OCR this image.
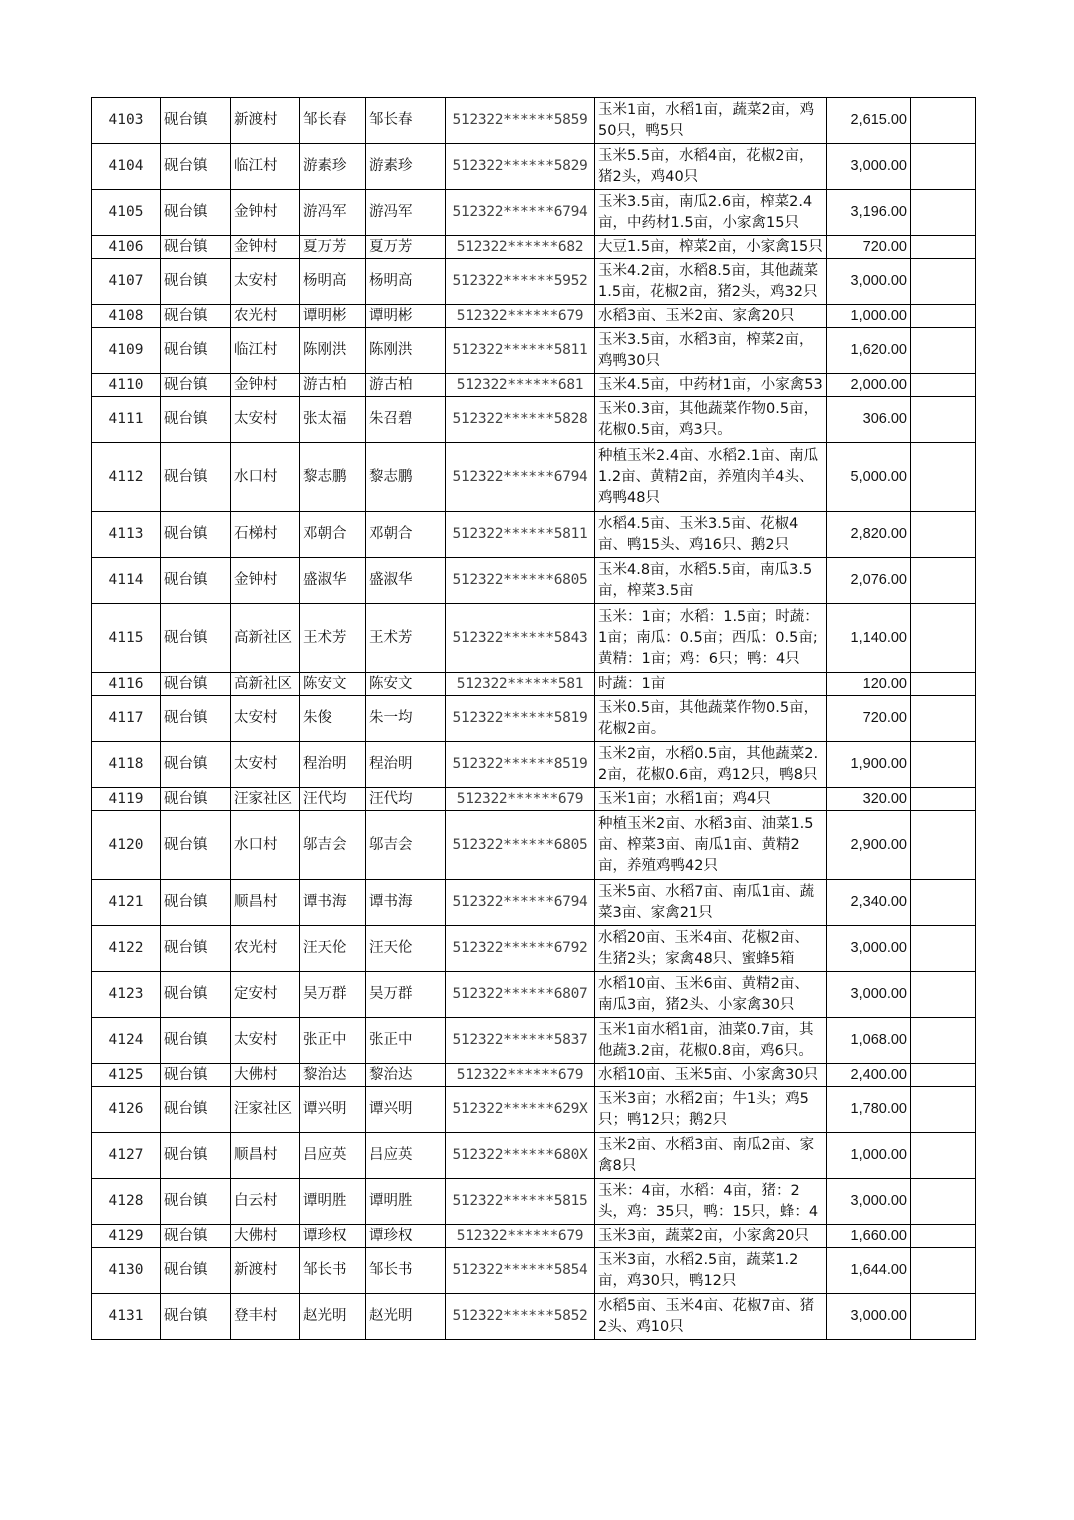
4103	砚台镇	新渡村	邹长春	邹长春	512322******5859	玉米1亩，水稻1亩，蔬菜2亩，鸡50只，鸭5只	2,615.00	
4104	砚台镇	临江村	游素珍	游素珍	512322******5829	玉米5.5亩，水稻4亩，花椒2亩，猪2头，鸡40只	3,000.00	
4105	砚台镇	金钟村	游冯军	游冯军	512322******6794	玉米3.5亩，南瓜2.6亩，榨菜2.4亩，中药材1.5亩，小家禽15只	3,196.00	
4106	砚台镇	金钟村	夏万芳	夏万芳	512322******682	大豆1.5亩，榨菜2亩，小家禽15只	720.00	
4107	砚台镇	太安村	杨明高	杨明高	512322******5952	玉米4.2亩，水稻8.5亩，其他蔬菜1.5亩，花椒2亩，猪2头，鸡32只	3,000.00	
4108	砚台镇	农光村	谭明彬	谭明彬	512322******679	水稻3亩、玉米2亩、家禽20只	1,000.00	
4109	砚台镇	临江村	陈刚洪	陈刚洪	512322******5811	玉米3.5亩，水稻3亩，榨菜2亩，鸡鸭30只	1,620.00	
4110	砚台镇	金钟村	游古柏	游古柏	512322******681	玉米4.5亩，中药材1亩，小家禽53	2,000.00	
4111	砚台镇	太安村	张太福	朱召碧	512322******5828	玉米0.3亩，其他蔬菜作物0.5亩，花椒0.5亩，鸡3只。	306.00	
4112	砚台镇	水口村	黎志鹏	黎志鹏	512322******6794	种植玉米2.4亩、水稻2.1亩、南瓜1.2亩、黄精2亩，养殖肉羊4头、鸡鸭48只	5,000.00	
4113	砚台镇	石梯村	邓朝合	邓朝合	512322******5811	水稻4.5亩、玉米3.5亩、花椒4亩、鸭15头、鸡16只、鹅2只	2,820.00	
4114	砚台镇	金钟村	盛淑华	盛淑华	512322******6805	玉米4.8亩，水稻5.5亩，南瓜3.5亩，榨菜3.5亩	2,076.00	
4115	砚台镇	高新社区	王术芳	王术芳	512322******5843	玉米：1亩；水稻：1.5亩；时蔬：1亩；南瓜：0.5亩；西瓜：0.5亩;黄精：1亩；鸡：6只；鸭：4只	1,140.00	
4116	砚台镇	高新社区	陈安文	陈安文	512322******581	时蔬：1亩	120.00	
4117	砚台镇	太安村	朱俊	朱一均	512322******5819	玉米0.5亩，其他蔬菜作物0.5亩，花椒2亩。	720.00	
4118	砚台镇	太安村	程治明	程治明	512322******8519	玉米2亩，水稻0.5亩，其他蔬菜2.2亩，花椒0.6亩，鸡12只，鸭8只	1,900.00	
4119	砚台镇	汪家社区	汪代均	汪代均	512322******679	玉米1亩；水稻1亩；鸡4只	320.00	
4120	砚台镇	水口村	邬吉会	邬吉会	512322******6805	种植玉米2亩、水稻3亩、油菜1.5亩、榨菜3亩、南瓜1亩、黄精2亩，养殖鸡鸭42只	2,900.00	
4121	砚台镇	顺昌村	谭书海	谭书海	512322******6794	玉米5亩、水稻7亩、南瓜1亩、蔬菜3亩、家禽21只	2,340.00	
4122	砚台镇	农光村	汪天伦	汪天伦	512322******6792	水稻20亩、玉米4亩、花椒2亩、生猪2头；家禽48只、蜜蜂5箱	3,000.00	
4123	砚台镇	定安村	吴万群	吴万群	512322******6807	水稻10亩、玉米6亩、黄精2亩、南瓜3亩，猪2头、小家禽30只	3,000.00	
4124	砚台镇	太安村	张正中	张正中	512322******5837	玉米1亩水稻1亩，油菜0.7亩，其他蔬3.2亩，花椒0.8亩，鸡6只。	1,068.00	
4125	砚台镇	大佛村	黎治达	黎治达	512322******679	水稻10亩、玉米5亩、小家禽30只	2,400.00	
4126	砚台镇	汪家社区	谭兴明	谭兴明	512322******629X	玉米3亩；水稻2亩；牛1头；鸡5只；鸭12只；鹅2只	1,780.00	
4127	砚台镇	顺昌村	吕应英	吕应英	512322******680X	玉米2亩、水稻3亩、南瓜2亩、家禽8只	1,000.00	
4128	砚台镇	白云村	谭明胜	谭明胜	512322******5815	玉米：4亩，水稻：4亩，猪：2头，鸡：35只，鸭：15只，蜂：4	3,000.00	
4129	砚台镇	大佛村	谭珍权	谭珍权	512322******679	玉米3亩，蔬菜2亩，小家禽20只	1,660.00	
4130	砚台镇	新渡村	邹长书	邹长书	512322******5854	玉米3亩，水稻2.5亩，蔬菜1.2亩，鸡30只，鸭12只	1,644.00	
4131	砚台镇	登丰村	赵光明	赵光明	512322******5852	水稻5亩、玉米4亩、花椒7亩、猪2头、鸡10只	3,000.00	
